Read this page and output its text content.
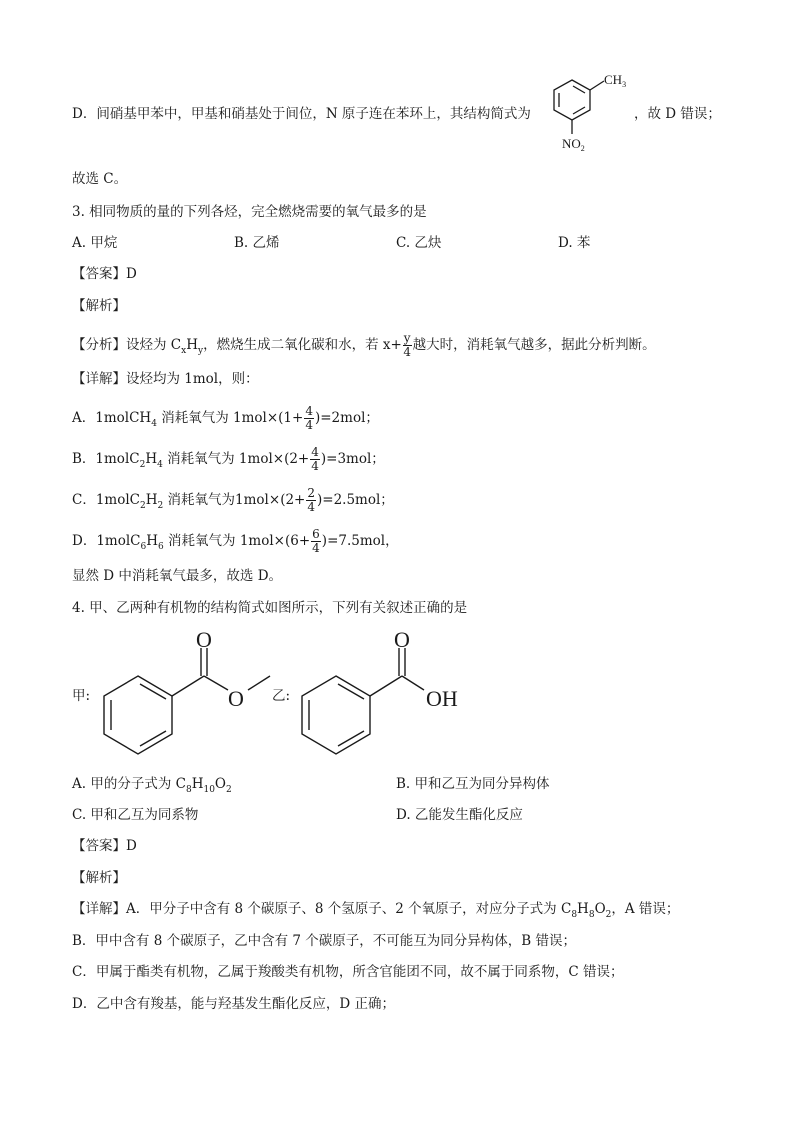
D．间硝基甲苯中，甲基和硝基处于间位，N 原子连在苯环上，其结构简式为
$CH_3$
$NO_2$
，故 D 错误；
故选 C。
3. 相同物质的量的下列各烃，完全燃烧需要的氧气最多的是
A. 甲烷	B. 乙烯	C. 乙炔	D. 苯
【答案】D
【解析】
【分析】设烃为 $C_xH_y$，燃烧生成二氧化碳和水，若 $x+ \frac{y}{4}$ 越大时，消耗氧气越多，据此分析判断。
【详解】设烃均为 1mol，则：
A．1molCH$_4$ 消耗氧气为 $1mol\times(1+ \frac{4}{4} )=2mol$；
B．$1molC_2H_4$ 消耗氧气为 $1mol\times(2+ \frac{4}{4} )=3mol$；
C．$1molC_2H_2$ 消耗氧气为$1mol\times(2+ \frac{2}{4} )=2.5mol$；
D．$1molC_6H_6$ 消耗氧气为 $1mol\times(6+ \frac{6}{4} )=7.5mol$，
显然 D 中消耗氧气最多，故选 D。
4. 甲、乙两种有机物的结构简式如图所示，下列有关叙述正确的是
甲:
O
O 乙:
O
OH
A. 甲的分子式为 $C_8H_{10}O_2$	B. 甲和乙互为同分异构体
C. 甲和乙互为同系物	D. 乙能发生酯化反应
【答案】D
【解析】
【详解】A．甲分子中含有 8 个碳原子、8 个氢原子、2 个氧原子，对应分子式为 $C_8H_8O_2$，A 错误；
B．甲中含有 8 个碳原子，乙中含有 7 个碳原子，不可能互为同分异构体，B 错误；
C．甲属于酯类有机物，乙属于羧酸类有机物，所含官能团不同，故不属于同系物，C 错误；
D．乙中含有羧基，能与羟基发生酯化反应，D 正确；
